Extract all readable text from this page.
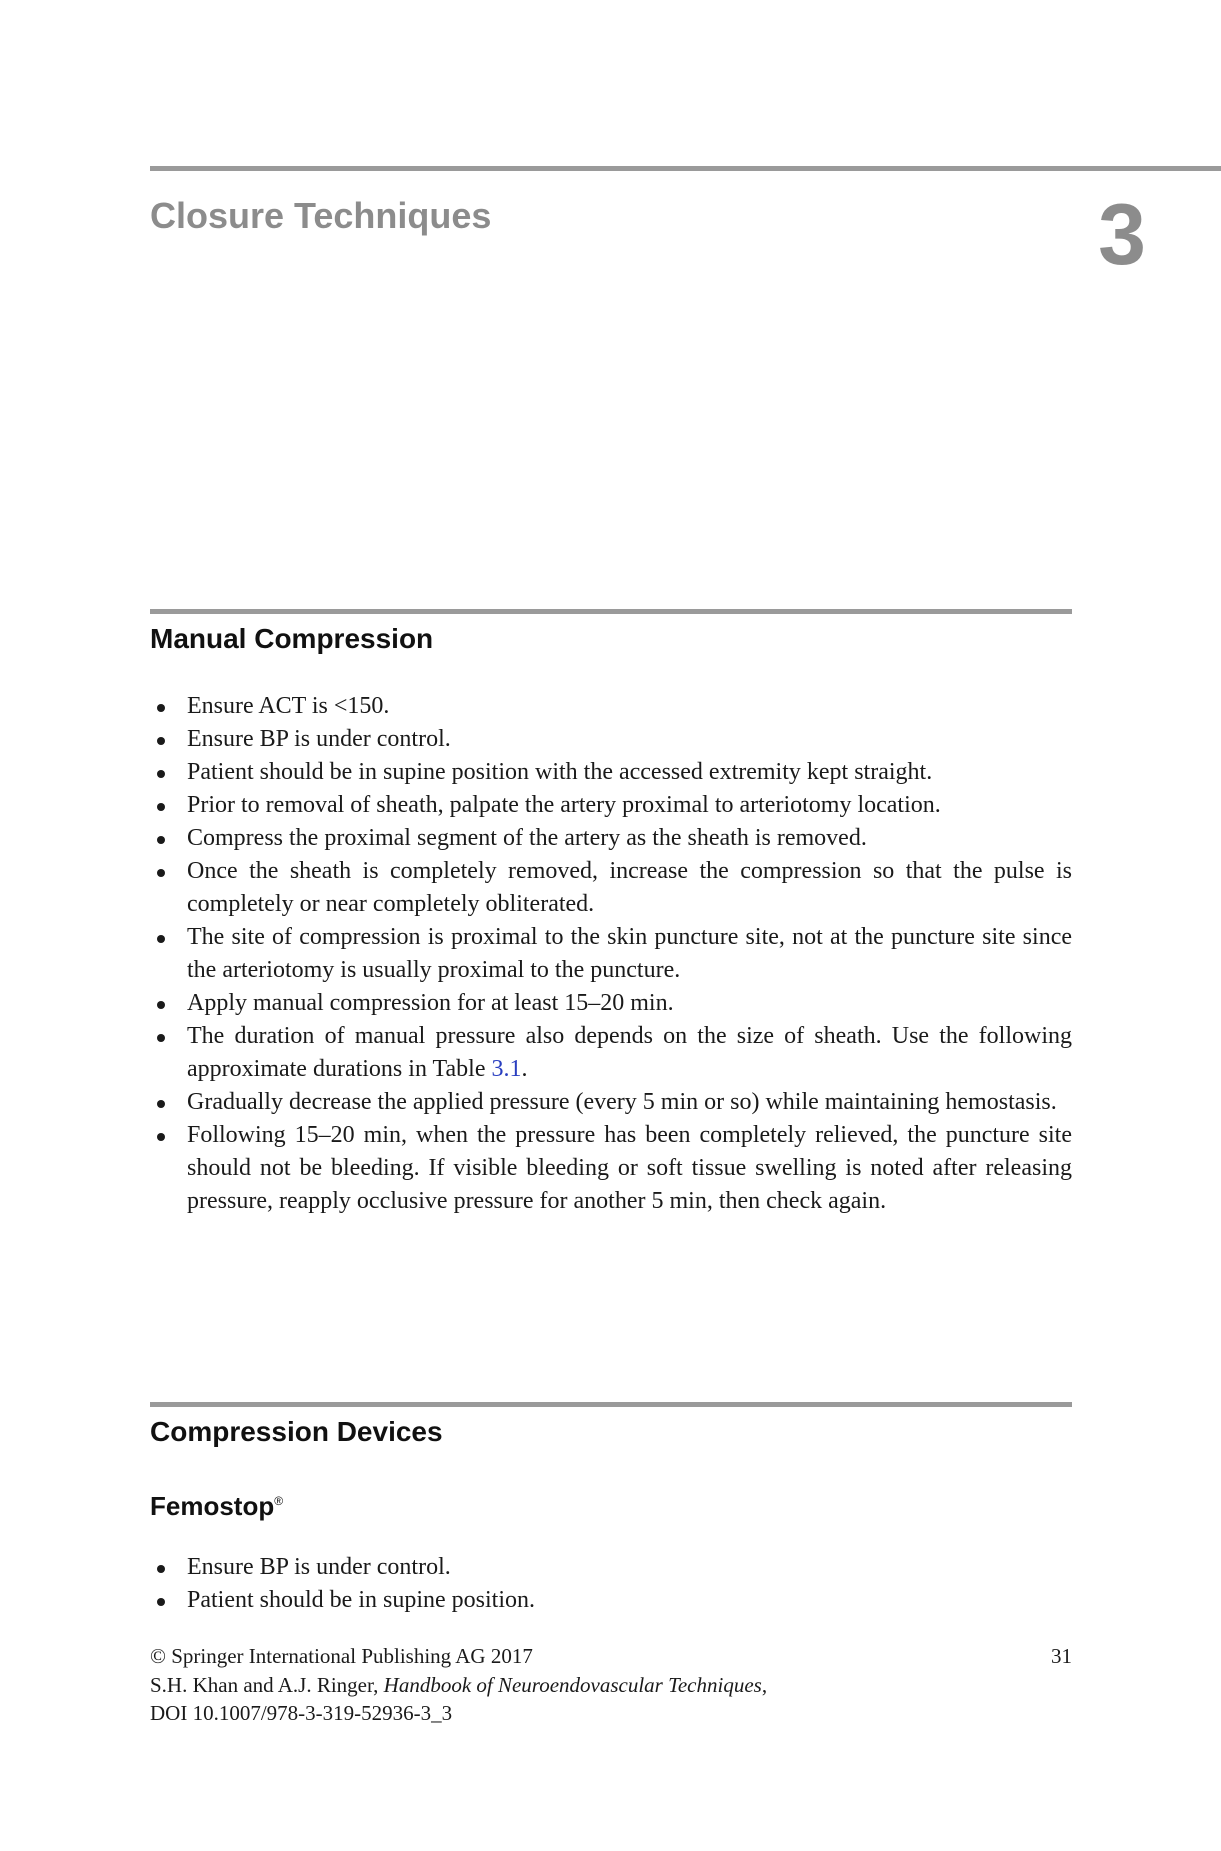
Closure Techniques	3
Manual Compression
Ensure ACT is <150.
Ensure BP is under control.
Patient should be in supine position with the accessed extremity kept straight.
Prior to removal of sheath, palpate the artery proximal to arteriotomy location.
Compress the proximal segment of the artery as the sheath is removed.
Once the sheath is completely removed, increase the compression so that the pulse is completely or near completely obliterated.
The site of compression is proximal to the skin puncture site, not at the puncture site since the arteriotomy is usually proximal to the puncture.
Apply manual compression for at least 15–20 min.
The duration of manual pressure also depends on the size of sheath. Use the following approximate durations in Table 3.1.
Gradually decrease the applied pressure (every 5 min or so) while maintaining hemostasis.
Following 15–20 min, when the pressure has been completely relieved, the puncture site should not be bleeding. If visible bleeding or soft tissue swelling is noted after releasing pressure, reapply occlusive pressure for another 5 min, then check again.
Compression Devices
Femostop®
Ensure BP is under control.
Patient should be in supine position.
© Springer International Publishing AG 2017
S.H. Khan and A.J. Ringer, Handbook of Neuroendovascular Techniques,
DOI 10.1007/978-3-319-52936-3_3
31
